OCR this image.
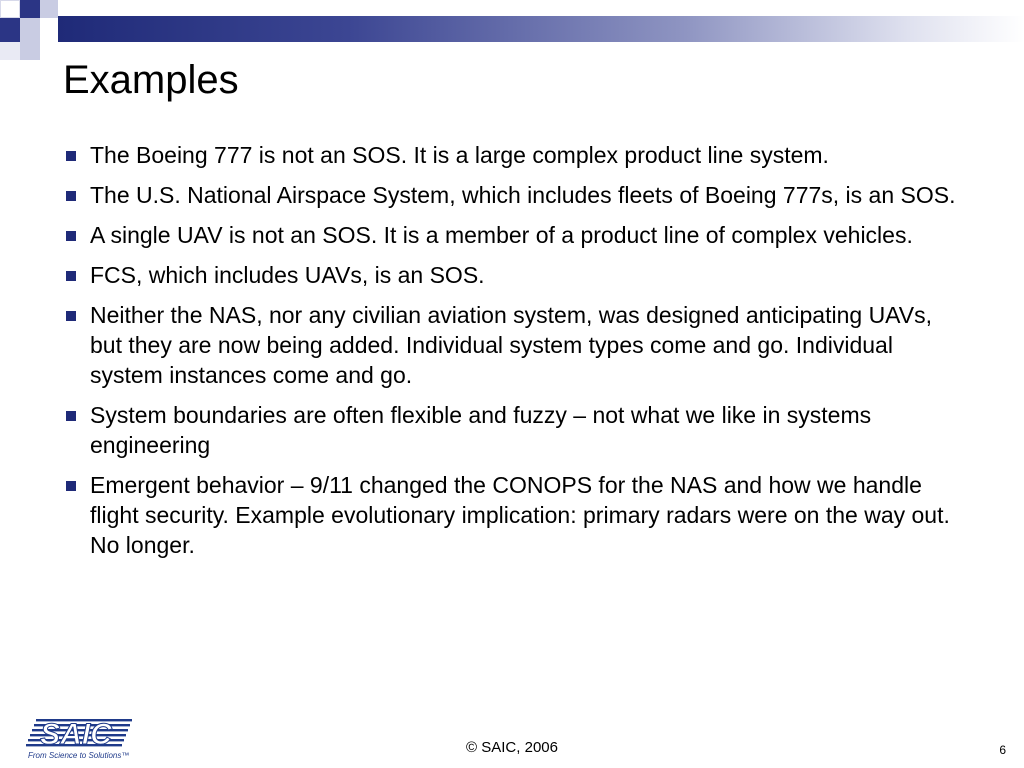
Examples
The Boeing 777 is not an SOS. It is a large complex product line system.
The U.S. National Airspace System, which includes fleets of Boeing 777s, is an SOS.
A single UAV is not an SOS. It is a member of a product line of complex vehicles.
FCS, which includes UAVs, is an SOS.
Neither the NAS, nor any civilian aviation system, was designed anticipating UAVs, but they are now being added. Individual system types come and go. Individual system instances come and go.
System boundaries are often flexible and fuzzy – not what we like in systems engineering
Emergent behavior – 9/11 changed the CONOPS for the NAS and how we handle flight security. Example evolutionary implication: primary radars were on the way out. No longer.
SAIC
From Science to Solutions™	© SAIC, 2006	6
